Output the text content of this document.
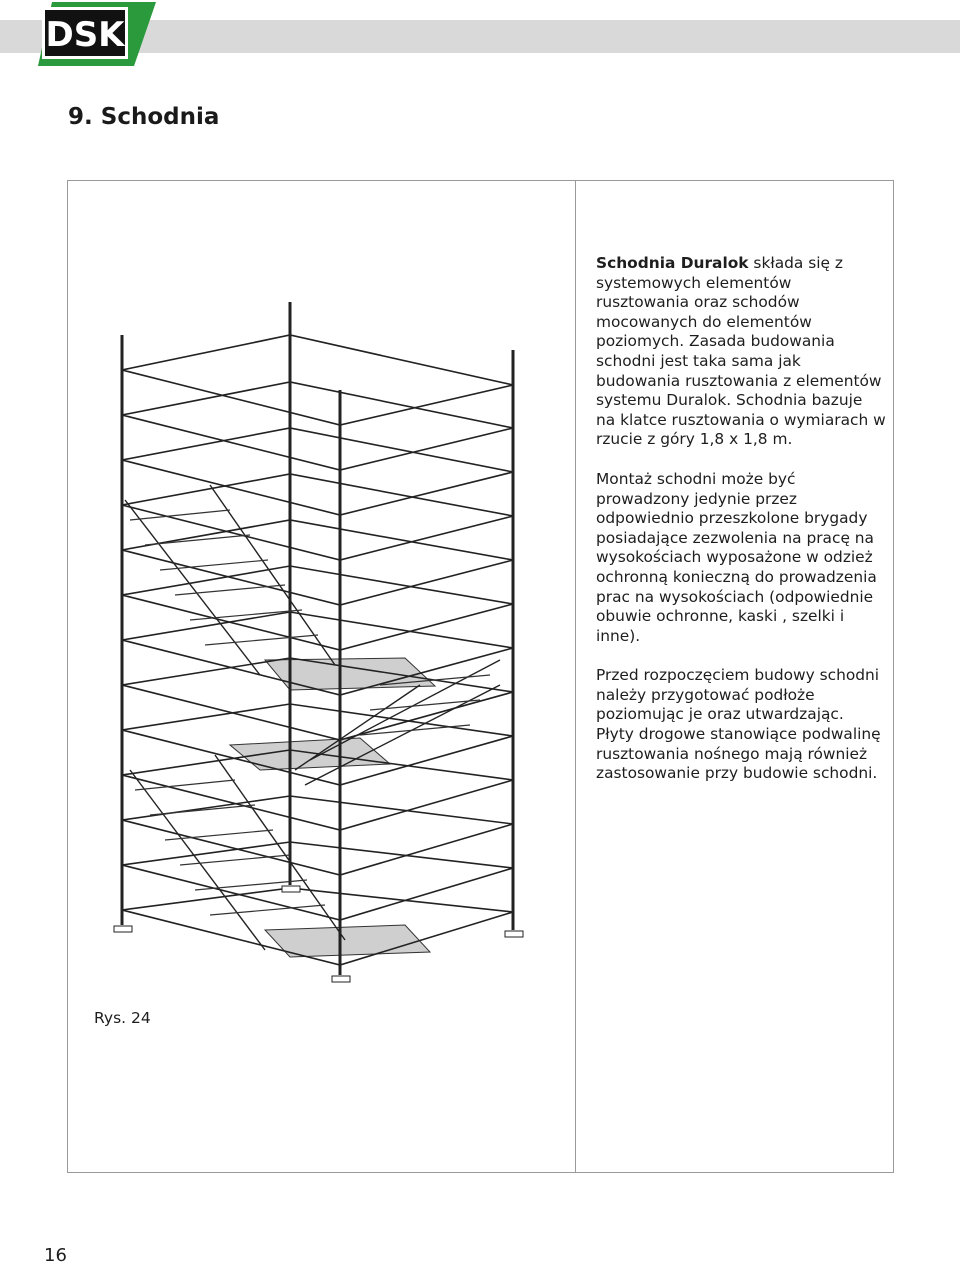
DSK
9. Schodnia

Schodnia Duralok składa się z systemowych elementów rusztowania oraz schodów mocowanych do elementów poziomych. Zasada budowania schodni jest taka sama jak budowania rusztowania z elementów systemu Duralok. Schodnia bazuje na klatce rusztowania o wymiarach w rzucie z góry 1,8 x 1,8 m.

Montaż schodni może być prowadzony jedynie przez odpowiednio przeszkolone brygady posiadające zezwolenia na pracę na wysokościach wyposażone w odzież ochronną konieczną do prowadzenia prac na wysokościach (odpowiednie obuwie ochronne, kaski , szelki i inne).

Przed rozpoczęciem budowy schodni należy przygotować podłoże poziomując je oraz utwardzając. Płyty drogowe stanowiące podwalinę rusztowania nośnego mają również zastosowanie przy budowie schodni.

Rys. 24
16
